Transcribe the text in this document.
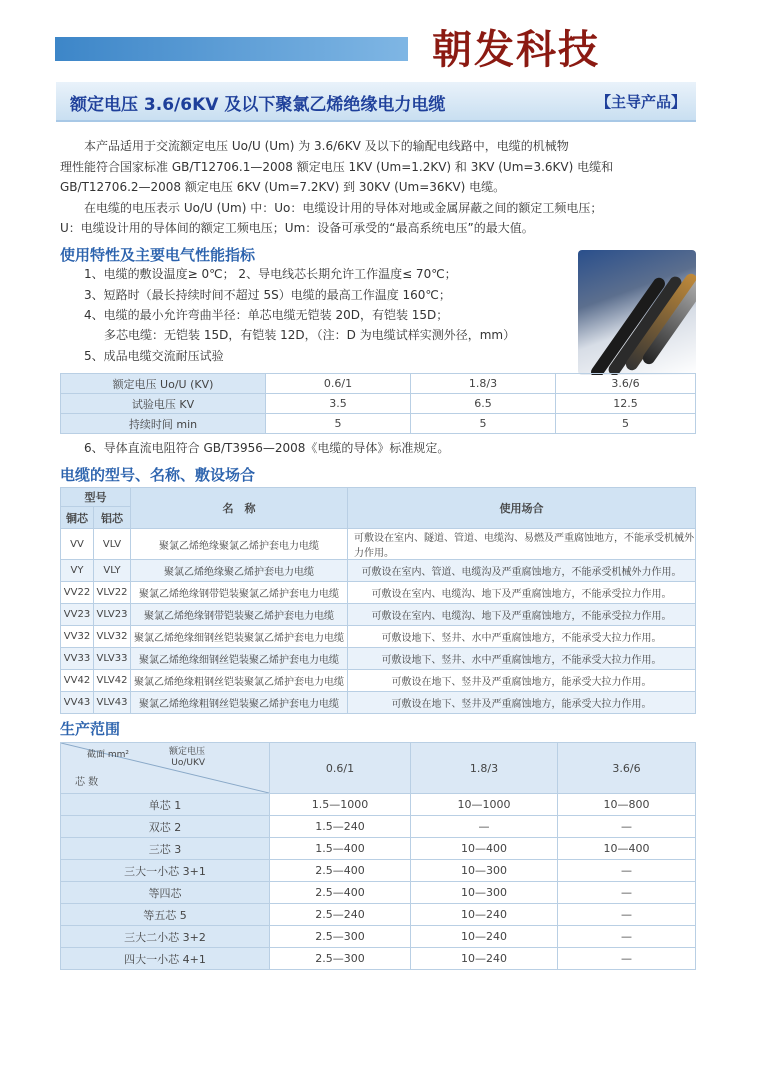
朝发科技
额定电压 3.6/6KV 及以下聚氯乙烯绝缘电力电缆	【主导产品】
本产品适用于交流额定电压 Uo/U (Um) 为 3.6/6KV 及以下的输配电线路中，电缆的机械物
理性能符合国家标准 GB/T12706.1—2008 额定电压 1KV (Um=1.2KV) 和 3KV (Um=3.6KV) 电缆和
GB/T12706.2—2008 额定电压 6KV (Um=7.2KV) 到 30KV (Um=36KV) 电缆。
在电缆的电压表示 Uo/U (Um) 中：Uo：电缆设计用的导体对地或金属屏蔽之间的额定工频电压；
U：电缆设计用的导体间的额定工频电压；Um：设备可承受的“最高系统电压”的最大值。
使用特性及主要电气性能指标
1、电缆的敷设温度≥ 0℃； 2、导电线芯长期允许工作温度≤ 70℃；
3、短路时（最长持续时间不超过 5S）电缆的最高工作温度 160℃；
4、电缆的最小允许弯曲半径：单芯电缆无铠装 20D，有铠装 15D；
多芯电缆：无铠装 15D，有铠装 12D，（注：D 为电缆试样实测外径，mm）
5、成品电缆交流耐压试验
额定电压 Uo/U (KV)	0.6/1	1.8/3	3.6/6
试验电压 KV	3.5	6.5	12.5
持续时间 min	5	5	5
6、导体直流电阻符合 GB/T3956—2008《电缆的导体》标准规定。
电缆的型号、名称、敷设场合
型号		名　称	使用场合
铜芯	铝芯		
VV	VLV	聚氯乙烯绝缘聚氯乙烯护套电力电缆	可敷设在室内、隧道、管道、电缆沟、易燃及严重腐蚀地方，不能承受机械外力作用。
VY	VLY	聚氯乙烯绝缘聚乙烯护套电力电缆	可敷设在室内、管道、电缆沟及严重腐蚀地方，不能承受机械外力作用。
VV22	VLV22	聚氯乙烯绝缘钢带铠装聚氯乙烯护套电力电缆	可敷设在室内、电缆沟、地下及严重腐蚀地方，不能承受拉力作用。
VV23	VLV23	聚氯乙烯绝缘钢带铠装聚乙烯护套电力电缆	可敷设在室内、电缆沟、地下及严重腐蚀地方，不能承受拉力作用。
VV32	VLV32	聚氯乙烯绝缘细钢丝铠装聚氯乙烯护套电力电缆	可敷设地下、竖井、水中严重腐蚀地方，不能承受大拉力作用。
VV33	VLV33	聚氯乙烯绝缘细钢丝铠装聚乙烯护套电力电缆	可敷设地下、竖井、水中严重腐蚀地方，不能承受大拉力作用。
VV42	VLV42	聚氯乙烯绝缘粗钢丝铠装聚氯乙烯护套电力电缆	可敷设在地下、竖井及严重腐蚀地方，能承受大拉力作用。
VV43	VLV43	聚氯乙烯绝缘粗钢丝铠装聚乙烯护套电力电缆	可敷设在地下、竖井及严重腐蚀地方，能承受大拉力作用。
生产范围
截面 mm² 额定电压
Uo/UKV
芯 数	0.6/1	1.8/3	3.6/6
单芯 1	1.5—1000	10—1000	10—800
双芯 2	1.5—240	—	—
三芯 3	1.5—400	10—400	10—400
三大一小芯 3+1	2.5—400	10—300	—
等四芯	2.5—400	10—300	—
等五芯 5	2.5—240	10—240	—
三大二小芯 3+2	2.5—300	10—240	—
四大一小芯 4+1	2.5—300	10—240	—
